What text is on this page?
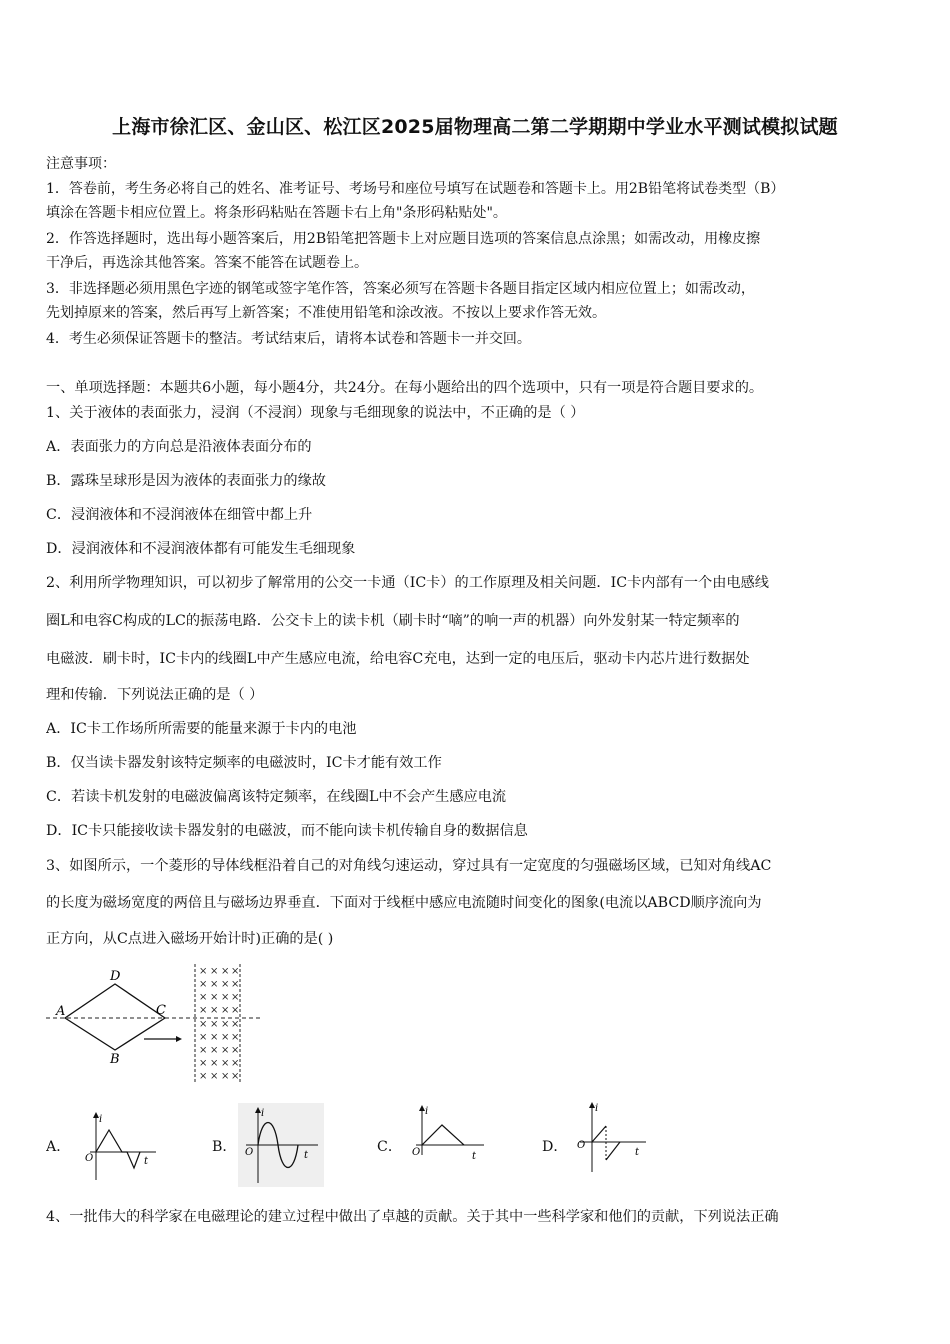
上海市徐汇区、金山区、松江区2025届物理高二第二学期期中学业水平测试模拟试题
注意事项：
1．答卷前，考生务必将自己的姓名、准考证号、考场号和座位号填写在试题卷和答题卡上。用2B铅笔将试卷类型（B）
填涂在答题卡相应位置上。将条形码粘贴在答题卡右上角"条形码粘贴处"。
2．作答选择题时，选出每小题答案后，用2B铅笔把答题卡上对应题目选项的答案信息点涂黑；如需改动，用橡皮擦
干净后，再选涂其他答案。答案不能答在试题卷上。
3．非选择题必须用黑色字迹的钢笔或签字笔作答，答案必须写在答题卡各题目指定区域内相应位置上；如需改动，
先划掉原来的答案，然后再写上新答案；不准使用铅笔和涂改液。不按以上要求作答无效。
4．考生必须保证答题卡的整洁。考试结束后，请将本试卷和答题卡一并交回。
一、单项选择题：本题共6小题，每小题4分，共24分。在每小题给出的四个选项中，只有一项是符合题目要求的。
1、关于液体的表面张力，浸润（不浸润）现象与毛细现象的说法中，不正确的是（ ）
A．表面张力的方向总是沿液体表面分布的
B．露珠呈球形是因为液体的表面张力的缘故
C．浸润液体和不浸润液体在细管中都上升
D．浸润液体和不浸润液体都有可能发生毛细现象
2、利用所学物理知识，可以初步了解常用的公交一卡通（IC卡）的工作原理及相关问题．IC卡内部有一个由电感线
圈L和电容C构成的LC的振荡电路．公交卡上的读卡机（刷卡时“嘀”的响一声的机器）向外发射某一特定频率的
电磁波．刷卡时，IC卡内的线圈L中产生感应电流，给电容C充电，达到一定的电压后，驱动卡内芯片进行数据处
理和传输．下列说法正确的是（ ）
A．IC卡工作场所所需要的能量来源于卡内的电池
B．仅当读卡器发射该特定频率的电磁波时，IC卡才能有效工作
C．若读卡机发射的电磁波偏离该特定频率，在线圈L中不会产生感应电流
D．IC卡只能接收读卡器发射的电磁波，而不能向读卡机传输自身的数据信息
3、如图所示，一个菱形的导体线框沿着自己的对角线匀速运动，穿过具有一定宽度的匀强磁场区域，已知对角线AC
的长度为磁场宽度的两倍且与磁场边界垂直．下面对于线框中感应电流随时间变化的图象(电流以ABCD顺序流向为
正方向，从C点进入磁场开始计时)正确的是( )
A
D
C
B
× × × ×
× × × ×
× × × ×
× × × ×
× × × ×
× × × ×
× × × ×
× × × ×
× × × ×
A．
i
O	t
B．
i
O	t
C．
i
O	t
D．
i
O
t
4、一批伟大的科学家在电磁理论的建立过程中做出了卓越的贡献。关于其中一些科学家和他们的贡献，下列说法正确
